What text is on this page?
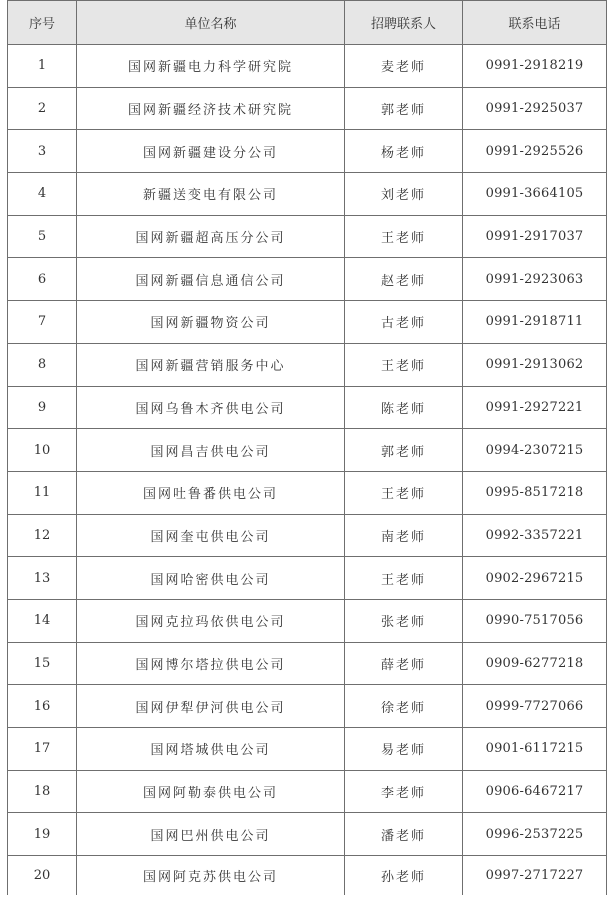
序号	单位名称	招聘联系人	联系电话
1	国网新疆电力科学研究院	麦老师	0991-2918219
2	国网新疆经济技术研究院	郭老师	0991-2925037
3	国网新疆建设分公司	杨老师	0991-2925526
4	新疆送变电有限公司	刘老师	0991-3664105
5	国网新疆超高压分公司	王老师	0991-2917037
6	国网新疆信息通信公司	赵老师	0991-2923063
7	国网新疆物资公司	古老师	0991-2918711
8	国网新疆营销服务中心	王老师	0991-2913062
9	国网乌鲁木齐供电公司	陈老师	0991-2927221
10	国网昌吉供电公司	郭老师	0994-2307215
11	国网吐鲁番供电公司	王老师	0995-8517218
12	国网奎屯供电公司	南老师	0992-3357221
13	国网哈密供电公司	王老师	0902-2967215
14	国网克拉玛依供电公司	张老师	0990-7517056
15	国网博尔塔拉供电公司	薛老师	0909-6277218
16	国网伊犁伊河供电公司	徐老师	0999-7727066
17	国网塔城供电公司	易老师	0901-6117215
18	国网阿勒泰供电公司	李老师	0906-6467217
19	国网巴州供电公司	潘老师	0996-2537225
20	国网阿克苏供电公司	孙老师	0997-2717227
